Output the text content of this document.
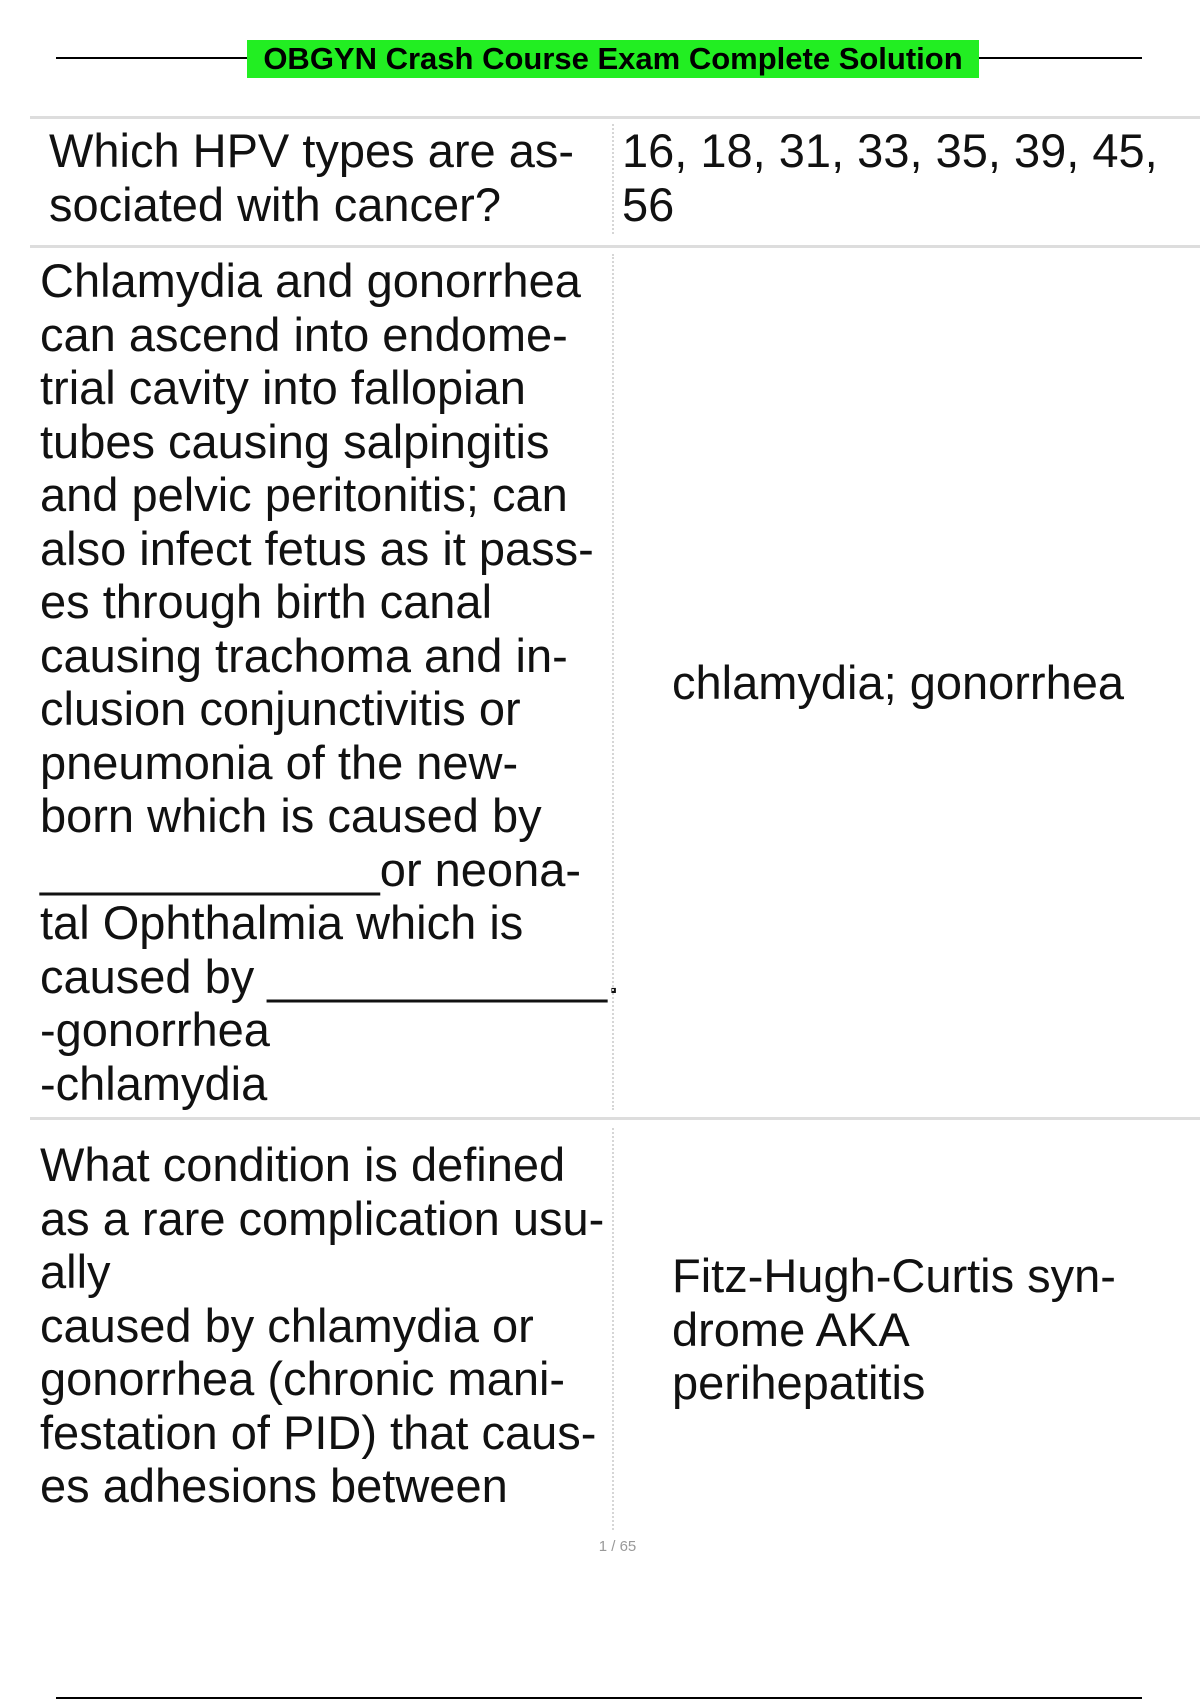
OBGYN Crash Course Exam Complete Solution
Which HPV types are as-
sociated with cancer?
16, 18, 31, 33, 35, 39, 45,
56
Chlamydia and gonorrhea
can ascend into endome-
trial cavity into fallopian
tubes causing salpingitis
and pelvic peritonitis; can
also infect fetus as it pass-
es through birth canal
causing trachoma and in-
clusion conjunctivitis or
pneumonia of the new-
born which is caused by
_____________or neona-
tal Ophthalmia which is
caused by _____________.
-gonorrhea
-chlamydia
chlamydia; gonorrhea
What condition is defined
as a rare complication usu-
ally
caused by chlamydia or
gonorrhea (chronic mani-
festation of PID) that caus-
es adhesions between
Fitz-Hugh-Curtis syn-
drome AKA
perihepatitis
1 / 65
